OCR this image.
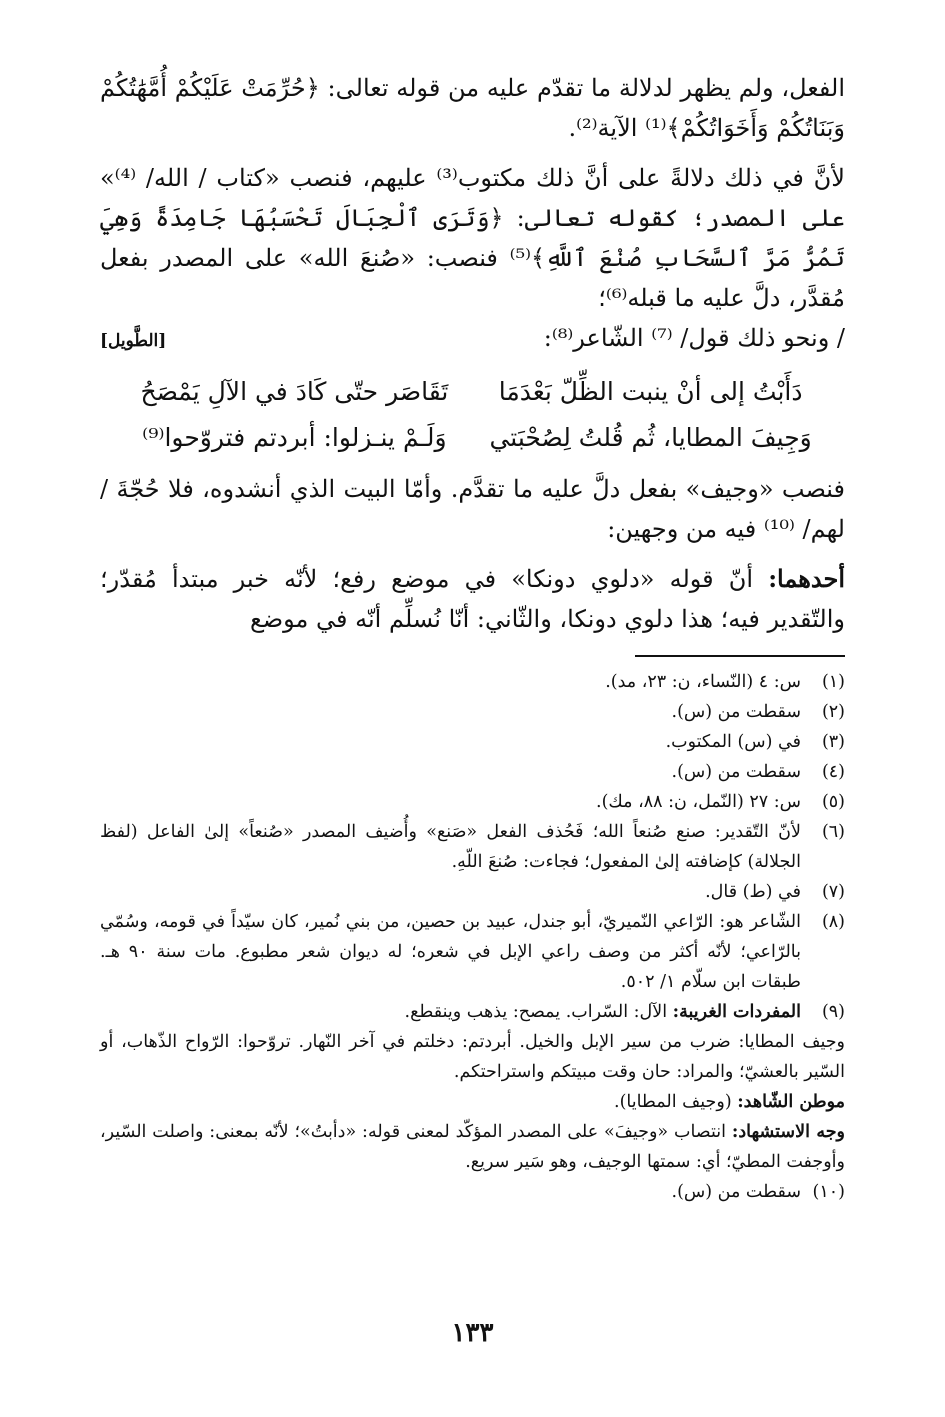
الفعل، ولم يظهر لدلالة ما تقدّم عليه من قوله تعالى: ﴿حُرِّمَتْ عَلَيْكُمْ أُمَّهَٰتُكُمْ وَبَنَاتُكُمْ وَأَخَوَاتُكُمْ﴾⁽¹⁾ الآية⁽²⁾.

لأنَّ في ذلك دلالةً على أنَّ ذلك مكتوب⁽³⁾ عليهم، فنصب «كتاب / الله/ ⁽⁴⁾» على المصدر؛ كقوله تعالى: ﴿وَتَرَى ٱلْجِبَالَ تَحْسَبُهَا جَامِدَةً وَهِيَ تَمُرُّ مَرَّ ٱلسَّحَابِ صُنْعَ ٱللَّهِ﴾⁽⁵⁾ فنصب: «صُنعَ الله» على المصدر بفعل مُقدَّر، دلَّ عليه ما قبله⁽⁶⁾؛

/ ونحو ذلك قول/ ⁽⁷⁾ الشّاعر⁽⁸⁾:
[الطَّويل]
دَأَبْتُ إلى أنْ ينبت الظِّلّ بَعْدَمَا
تَقَاصَر حتّى كَادَ في الآلِ يَمْصَحُ
وَجِيفَ المطايا، ثُم قُلتُ لِصُحْبَتي
وَلَـمْ ينـزلوا: أبردتم فتروّحوا⁽⁹⁾

فنصب «وجيف» بفعل دلَّ عليه ما تقدَّم. وأمّا البيت الذي أنشدوه، فلا حُجّةَ /لهم/ ⁽¹⁰⁾ فيه من وجهين:

أحدهما: أنّ قوله «دلوي دونكا» في موضع رفع؛ لأنّه خبر مبتدأ مُقدّر؛ والتّقدير فيه؛ هذا دلوي دونكا، والثّاني: أنّا نُسلِّم أنّه في موضع

(١)
س: ٤ (النّساء، ن: ٢٣، مد).
(٢)
سقطت من (س).
(٣)
في (س) المكتوب.
(٤)
سقطت من (س).
(٥)
س: ٢٧ (النّمل، ن: ٨٨، مك).
(٦)
لأنّ التّقدير: صنع صُنعاً الله؛ فَحُذف الفعل «صَنع» وأُضيف المصدر «صُنعاً» إلىٰ الفاعل (لفظ الجلالة) كإضافته إلىٰ المفعول؛ فجاءت: صُنعَ اللّهِ.
(٧)
في (ط) قال.
(٨)
الشّاعر هو: الرّاعي النّميريّ، أبو جندل، عبيد بن حصين، من بني نُمير، كان سيّداً في قومه، وسُمّي بالرّاعي؛ لأنّه أكثر من وصف راعي الإبل في شعره؛ له ديوان شعر مطبوع. مات سنة ٩٠ هـ. طبقات ابن سلّام ١/ ٥٠٢.
(٩)
المفردات الغريبة: الآل: السّراب. يمصح: يذهب وينقطع.
وجيف المطايا: ضرب من سير الإبل والخيل. أبردتم: دخلتم في آخر النّهار. تروّحوا: الرّواح الذّهاب، أو السّير بالعشيّ؛ والمراد: حان وقت مبيتكم واستراحتكم.
موطن الشّاهد: (وجيف المطايا).
وجه الاستشهاد: انتصاب «وجيفَ» على المصدر المؤكّد لمعنى قوله: «دأبتُ»؛ لأنّه بمعنى: واصلت السّير، وأوجفت المطيّ؛ أي: سمتها الوجيف، وهو سَير سريع.
(١٠)
سقطت من (س).
١٣٣
